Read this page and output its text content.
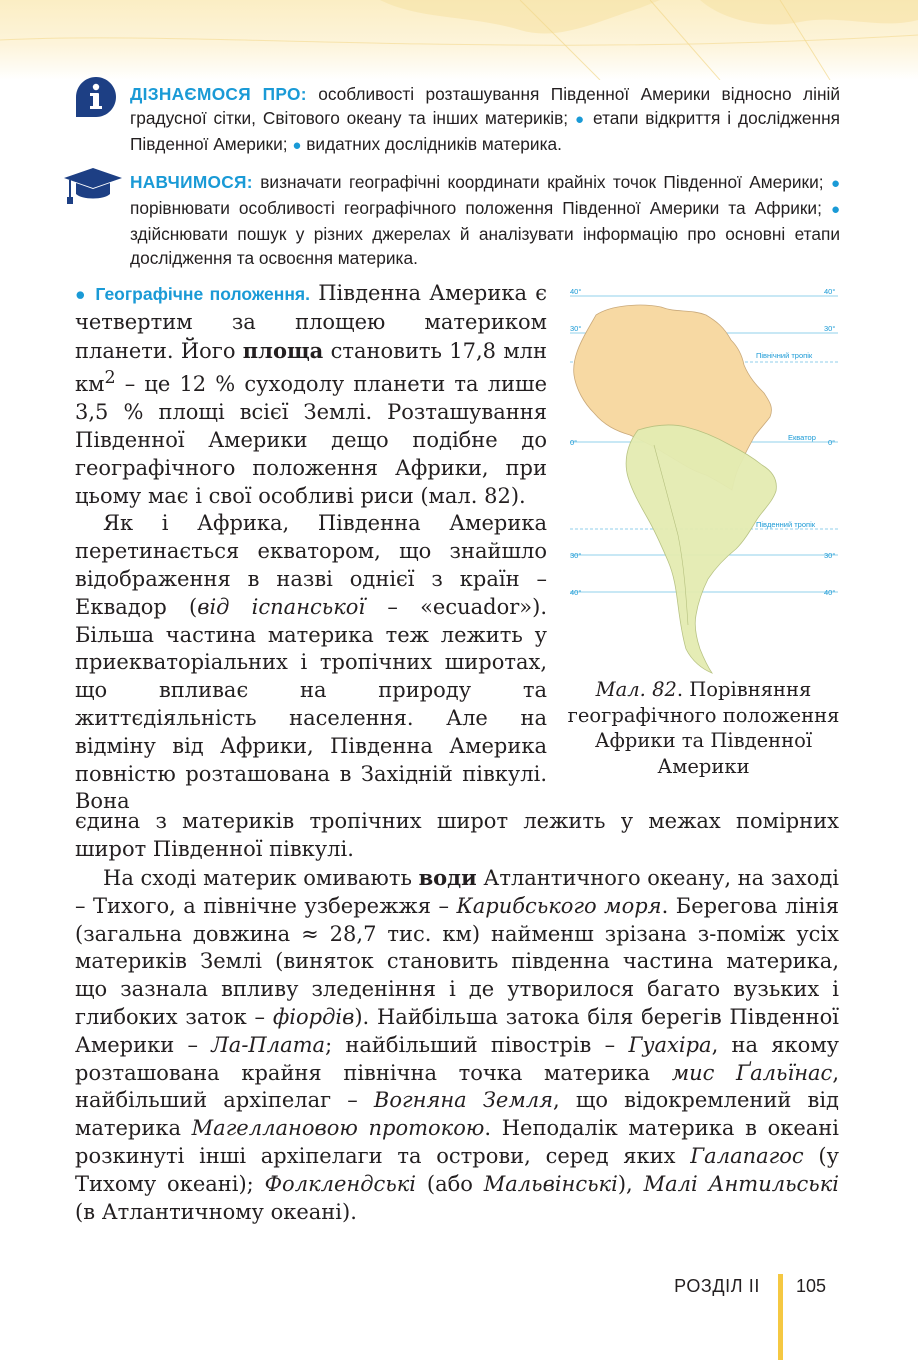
ДІЗНАЄМОСЯ ПРО: особливості розташування Південної Америки відносно ліній градусної сітки, Світового океану та інших материків; ● етапи відкриття і дослідження Південної Америки; ● видатних дослідників материка.
НАВЧИМОСЯ: визначати географічні координати крайніх точок Південної Америки; ● порівнювати особливості географічного положення Південної Америки та Африки; ● здійснювати пошук у різних джерелах й аналізувати інформацію про основні етапи дослідження та освоєння материка.

● Географічне положення. Південна Америка є четвертим за площею материком планети. Його площа становить 17,8 млн $км^2$ – це 12 % суходолу планети та лише 3,5 % площі всієї Землі. Розташування Південної Америки дещо подібне до географічного положення Африки, при цьому має і свої особливі риси (мал. 82).

Як і Африка, Південна Америка перетинається екватором, що знайшло відображення в назві однієї з країн – Еквадор (від іспанської – «ecuador»). Більша частина материка теж лежить у приекваторіальних і тропічних широтах, що впливає на природу та життєдіяльність населення. Але на відміну від Африки, Південна Америка повністю розташована в Західній півкулі. Вона

єдина з материків тропічних широт лежить у межах помірних широт Південної півкулі.

На сході материк омивають води Атлантичного океану, на заході – Тихого, а північне узбережжя – Карибського моря. Берегова лінія (загальна довжина ≈ 28,7 тис. км) найменш зрізана з-поміж усіх материків Землі (виняток становить південна частина материка, що зазнала впливу зледеніння і де утворилося багато вузьких і глибоких заток – фіордів). Найбільша затока біля берегів Південної Америки – Ла-Плата; найбільший півострів – Гуахіра, на якому розташована крайня північна точка материка мис Ґальїнас, найбільший архіпелаг – Вогняна Земля, що відокремлений від материка Магеллановою протокою. Неподалік материка в океані розкинуті інші архіпелаги та острови, серед яких Галапагос (у Тихому океані); Фолклендські (або Мальвінські), Малі Антильські (в Атлантичному океані).

40°	40°
30°	30°
Північний тропік
0°
Екватор
0°
Південний тропік
30°	30°
40°	40°
Мал. 82. Порівняння географічного положення Африки та Південної Америки
РОЗДІЛ ІІ 105
